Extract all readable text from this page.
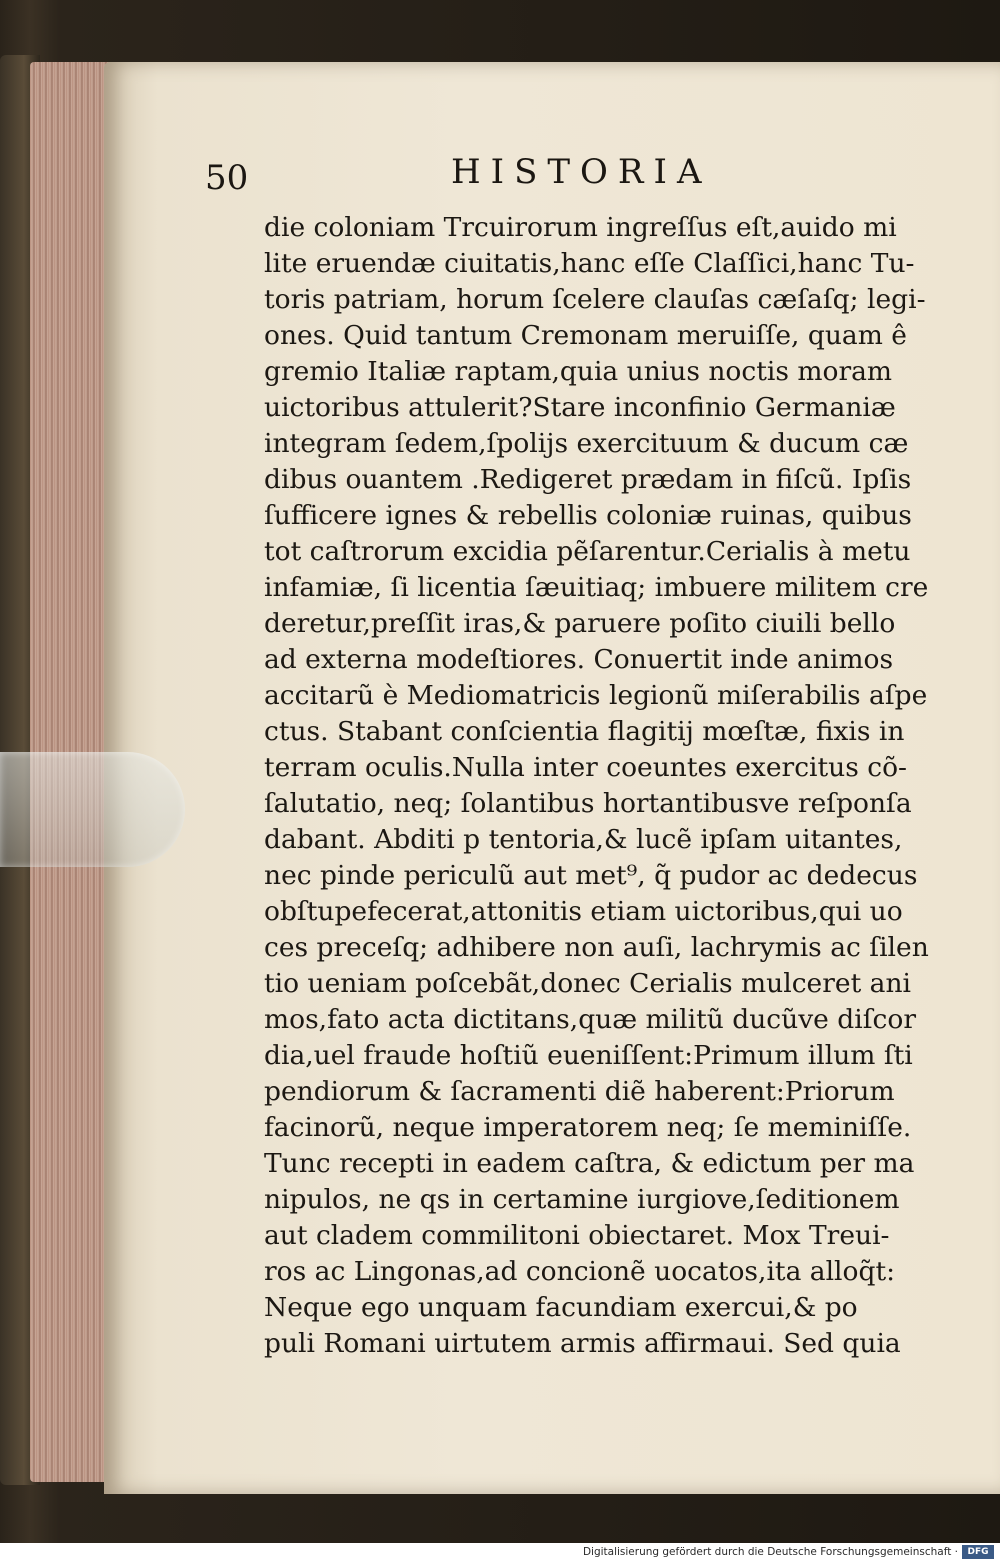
50	HISTORIA
die coloniam Trcuirorum ingreſſus eſt,auido mi
lite eruendæ ciuitatis,hanc eſſe Claſſici,hanc Tu-
toris patriam, horum ſcelere clauſas cæſaſq; legi-
ones. Quid tantum Cremonam meruiſſe, quam ê
gremio Italiæ raptam,quia unius noctis moram
uictoribus attulerit?Stare inconfinio Germaniæ
integram ſedem,ſpolijs exercituum & ducum cæ
dibus ouantem .Redigeret prædam in fiſcũ. Ipſis
ſufficere ignes & rebellis coloniæ ruinas, quibus
tot caſtrorum excidia pẽſarentur.Cerialis à metu
infamiæ, ſi licentia ſæuitiaq; imbuere militem cre
deretur,preſſit iras,& paruere poſito ciuili bello
ad externa modeſtiores. Conuertit inde animos
accitarũ è Mediomatricis legionũ miſerabilis aſpe
ctus. Stabant conſcientia flagitij mœſtæ, fixis in
terram oculis.Nulla inter coeuntes exercitus cõ-
ſalutatio, neq; ſolantibus hortantibusve reſponſa
dabant. Abditi p tentoria,& lucẽ ipſam uitantes,
nec pinde periculũ aut met⁹, q̃ pudor ac dedecus
obſtupefecerat,attonitis etiam uictoribus,qui uo
ces preceſq; adhibere non auſi, lachrymis ac ſilen
tio ueniam poſcebãt,donec Cerialis mulceret ani
mos,fato acta dictitans,quæ militũ ducũve diſcor
dia,uel fraude hoſtiũ eueniſſent:Primum illum ſti
pendiorum & ſacramenti diẽ haberent:Priorum
facinorũ, neque imperatorem neq; ſe meminiſſe.
Tunc recepti in eadem caſtra, & edictum per ma
nipulos, ne qs in certamine iurgiove,ſeditionem
aut cladem commilitoni obiectaret. Mox Treui-
ros ac Lingonas,ad concionẽ uocatos,ita alloq̃t:
Neque ego unquam facundiam exercui,& po
puli Romani uirtutem armis affirmaui. Sed quia
Digitalisierung gefördert durch die Deutsche Forschungsgemeinschaft ·	DFG
